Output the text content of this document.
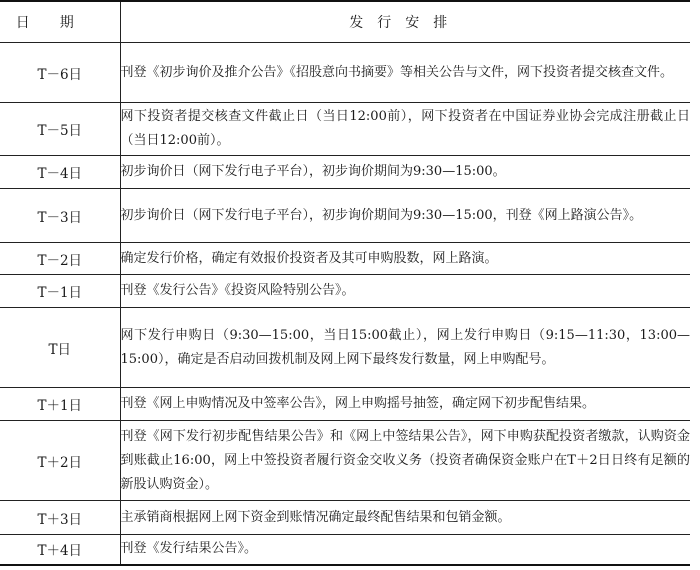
日期	发行安排
T－6日	刊登《初步询价及推介公告》《招股意向书摘要》等相关公告与文件，网下投资者提交核查文件。
T－5日	网下投资者提交核查文件截止日（当日12:00前），网下投资者在中国证券业协会完成注册截止日（当日12:00前）。
T－4日	初步询价日（网下发行电子平台），初步询价期间为9:30—15:00。
T－3日	初步询价日（网下发行电子平台），初步询价期间为9:30—15:00，刊登《网上路演公告》。
T－2日	确定发行价格，确定有效报价投资者及其可申购股数，网上路演。
T－1日	刊登《发行公告》《投资风险特别公告》。
T日	网下发行申购日（9:30—15:00，当日15:00截止），网上发行申购日（9:15—11:30，13:00—15:00），确定是否启动回拨机制及网上网下最终发行数量，网上申购配号。
T＋1日	刊登《网上申购情况及中签率公告》，网上申购摇号抽签，确定网下初步配售结果。
T＋2日	刊登《网下发行初步配售结果公告》和《网上中签结果公告》，网下申购获配投资者缴款，认购资金到账截止16:00，网上中签投资者履行资金交收义务（投资者确保资金账户在T＋2日日终有足额的新股认购资金）。
T＋3日	主承销商根据网上网下资金到账情况确定最终配售结果和包销金额。
T＋4日	刊登《发行结果公告》。
